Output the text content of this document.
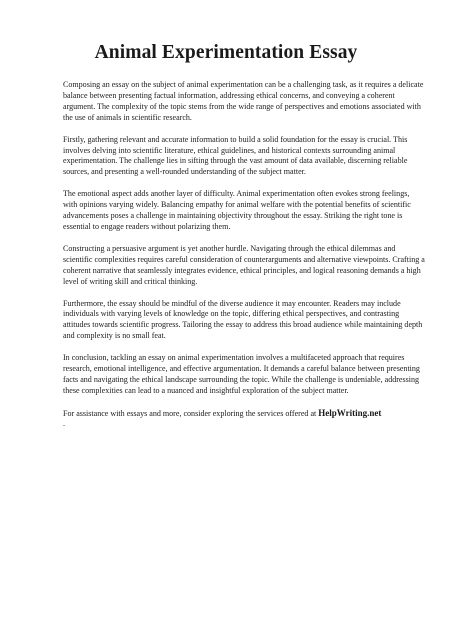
Animal Experimentation Essay

Composing an essay on the subject of animal experimentation can be a challenging task, as it requires a delicate balance between presenting factual information, addressing ethical concerns, and conveying a coherent argument. The complexity of the topic stems from the wide range of perspectives and emotions associated with the use of animals in scientific research.

Firstly, gathering relevant and accurate information to build a solid foundation for the essay is crucial. This involves delving into scientific literature, ethical guidelines, and historical contexts surrounding animal experimentation. The challenge lies in sifting through the vast amount of data available, discerning reliable sources, and presenting a well-rounded understanding of the subject matter.

The emotional aspect adds another layer of difficulty. Animal experimentation often evokes strong feelings, with opinions varying widely. Balancing empathy for animal welfare with the potential benefits of scientific advancements poses a challenge in maintaining objectivity throughout the essay. Striking the right tone is essential to engage readers without polarizing them.

Constructing a persuasive argument is yet another hurdle. Navigating through the ethical dilemmas and scientific complexities requires careful consideration of counterarguments and alternative viewpoints. Crafting a coherent narrative that seamlessly integrates evidence, ethical principles, and logical reasoning demands a high level of writing skill and critical thinking.

Furthermore, the essay should be mindful of the diverse audience it may encounter. Readers may include individuals with varying levels of knowledge on the topic, differing ethical perspectives, and contrasting attitudes towards scientific progress. Tailoring the essay to address this broad audience while maintaining depth and complexity is no small feat.

In conclusion, tackling an essay on animal experimentation involves a multifaceted approach that requires research, emotional intelligence, and effective argumentation. It demands a careful balance between presenting facts and navigating the ethical landscape surrounding the topic. While the challenge is undeniable, addressing these complexities can lead to a nuanced and insightful exploration of the subject matter.

For assistance with essays and more, consider exploring the services offered at HelpWriting.net
.
